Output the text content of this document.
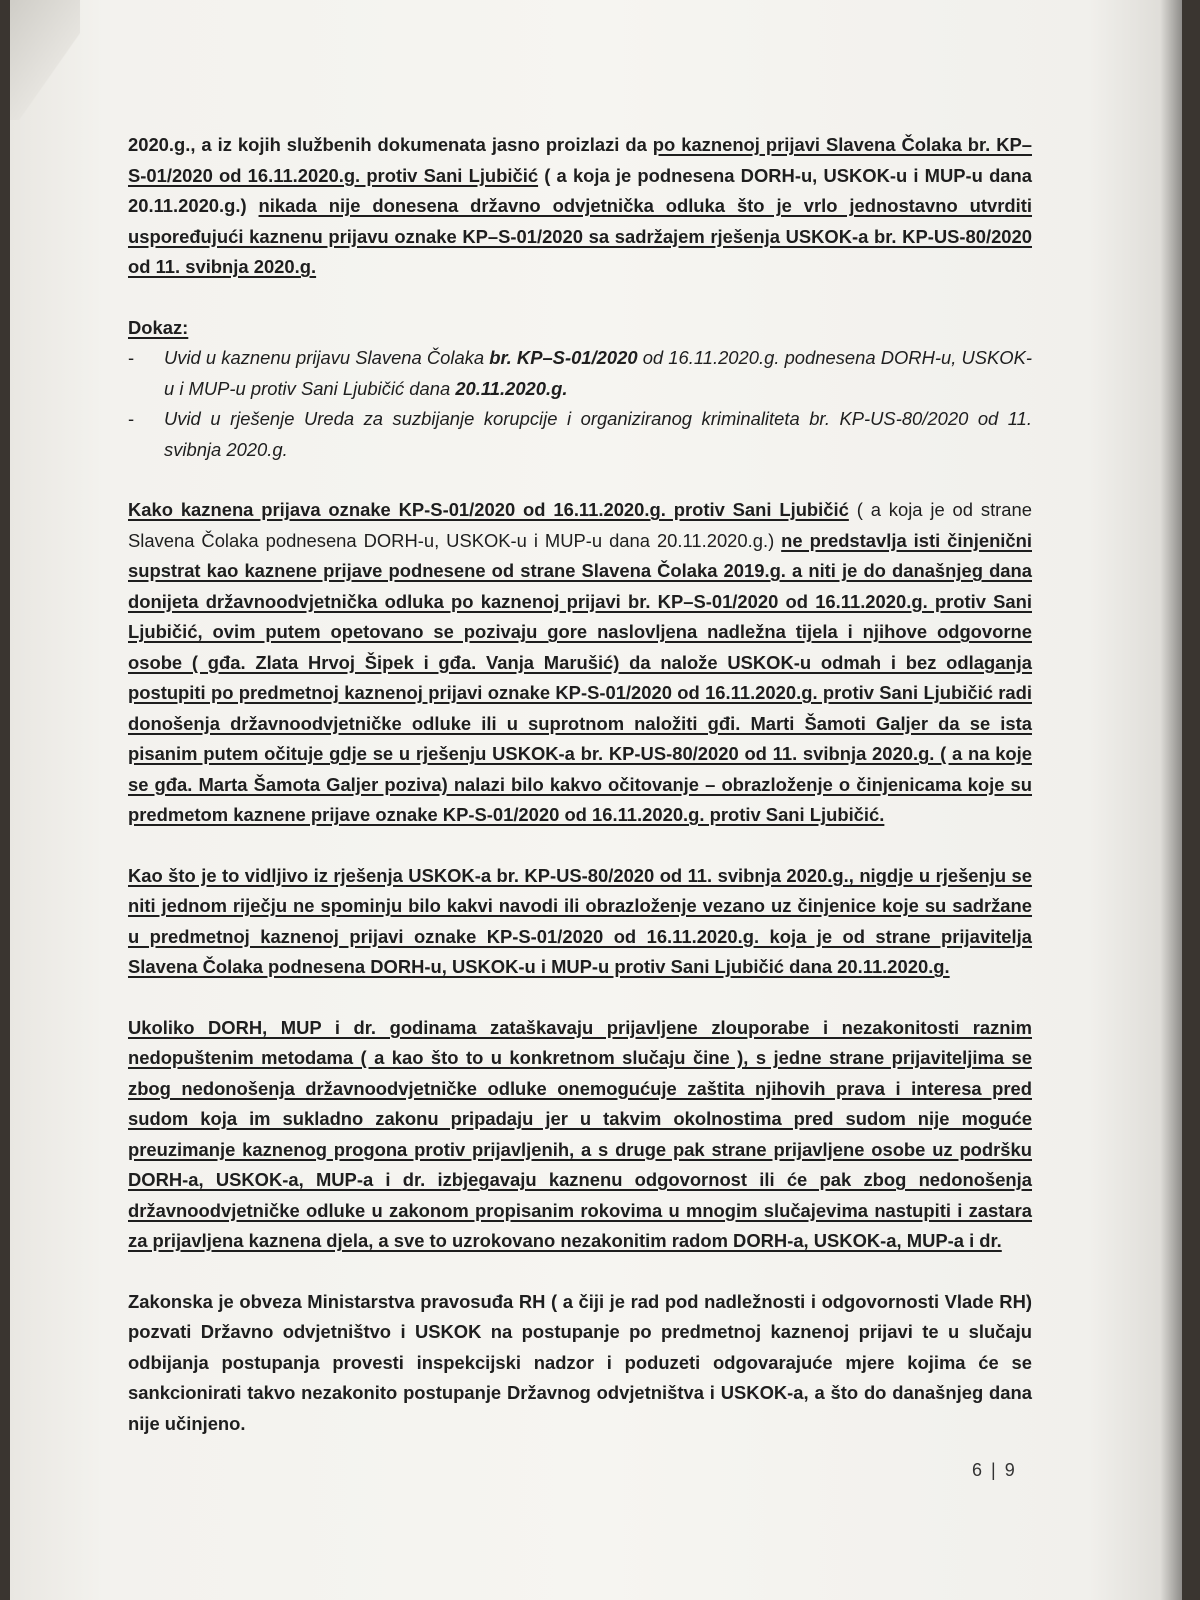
2020.g., a iz kojih službenih dokumenata jasno proizlazi da po kaznenoj prijavi Slavena Čolaka br. KP–S-01/2020 od 16.11.2020.g. protiv Sani Ljubičić ( a koja je podnesena DORH-u, USKOK-u i MUP-u dana 20.11.2020.g.) nikada nije donesena državno odvjetnička odluka što je vrlo jednostavno utvrditi uspoređujući kaznenu prijavu oznake KP–S-01/2020 sa sadržajem rješenja USKOK-a br. KP-US-80/2020 od 11. svibnja 2020.g.

Dokaz:

- Uvid u kaznenu prijavu Slavena Čolaka br. KP–S-01/2020 od 16.11.2020.g. podnesena DORH-u, USKOK-u i MUP-u protiv Sani Ljubičić dana 20.11.2020.g.
- Uvid u rješenje Ureda za suzbijanje korupcije i organiziranog kriminaliteta br. KP-US-80/2020 od 11. svibnja 2020.g.

Kako kaznena prijava oznake KP-S-01/2020 od 16.11.2020.g. protiv Sani Ljubičić ( a koja je od strane Slavena Čolaka podnesena DORH-u, USKOK-u i MUP-u dana 20.11.2020.g.) ne predstavlja isti činjenični supstrat kao kaznene prijave podnesene od strane Slavena Čolaka 2019.g. a niti je do današnjeg dana donijeta državnoodvjetnička odluka po kaznenoj prijavi br. KP–S-01/2020 od 16.11.2020.g. protiv Sani Ljubičić, ovim putem opetovano se pozivaju gore naslovljena nadležna tijela i njihove odgovorne osobe ( gđa. Zlata Hrvoj Šipek i gđa. Vanja Marušić) da nalože USKOK-u odmah i bez odlaganja postupiti po predmetnoj kaznenoj prijavi oznake KP-S-01/2020 od 16.11.2020.g. protiv Sani Ljubičić radi donošenja državnoodvjetničke odluke ili u suprotnom naložiti gđi. Marti Šamoti Galjer da se ista pisanim putem očituje gdje se u rješenju USKOK-a br. KP-US-80/2020 od 11. svibnja 2020.g. ( a na koje se gđa. Marta Šamota Galjer poziva) nalazi bilo kakvo očitovanje – obrazloženje o činjenicama koje su predmetom kaznene prijave oznake KP-S-01/2020 od 16.11.2020.g. protiv Sani Ljubičić.

Kao što je to vidljivo iz rješenja USKOK-a br. KP-US-80/2020 od 11. svibnja 2020.g., nigdje u rješenju se niti jednom riječju ne spominju bilo kakvi navodi ili obrazloženje vezano uz činjenice koje su sadržane u predmetnoj kaznenoj prijavi oznake KP-S-01/2020 od 16.11.2020.g. koja je od strane prijavitelja Slavena Čolaka podnesena DORH-u, USKOK-u i MUP-u protiv Sani Ljubičić dana 20.11.2020.g.

Ukoliko DORH, MUP i dr. godinama zataškavaju prijavljene zlouporabe i nezakonitosti raznim nedopuštenim metodama ( a kao što to u konkretnom slučaju čine ), s jedne strane prijaviteljima se zbog nedonošenja državnoodvjetničke odluke onemogućuje zaštita njihovih prava i interesa pred sudom koja im sukladno zakonu pripadaju jer u takvim okolnostima pred sudom nije moguće preuzimanje kaznenog progona protiv prijavljenih, a s druge pak strane prijavljene osobe uz podršku DORH-a, USKOK-a, MUP-a i dr. izbjegavaju kaznenu odgovornost ili će pak zbog nedonošenja državnoodvjetničke odluke u zakonom propisanim rokovima u mnogim slučajevima nastupiti i zastara za prijavljena kaznena djela, a sve to uzrokovano nezakonitim radom DORH-a, USKOK-a, MUP-a i dr.

Zakonska je obveza Ministarstva pravosuđa RH ( a čiji je rad pod nadležnosti i odgovornosti Vlade RH) pozvati Državno odvjetništvo i USKOK na postupanje po predmetnoj kaznenoj prijavi te u slučaju odbijanja postupanja provesti inspekcijski nadzor i poduzeti odgovarajuće mjere kojima će se sankcionirati takvo nezakonito postupanje Državnog odvjetništva i USKOK-a, a što do današnjeg dana nije učinjeno.

6 | 9
